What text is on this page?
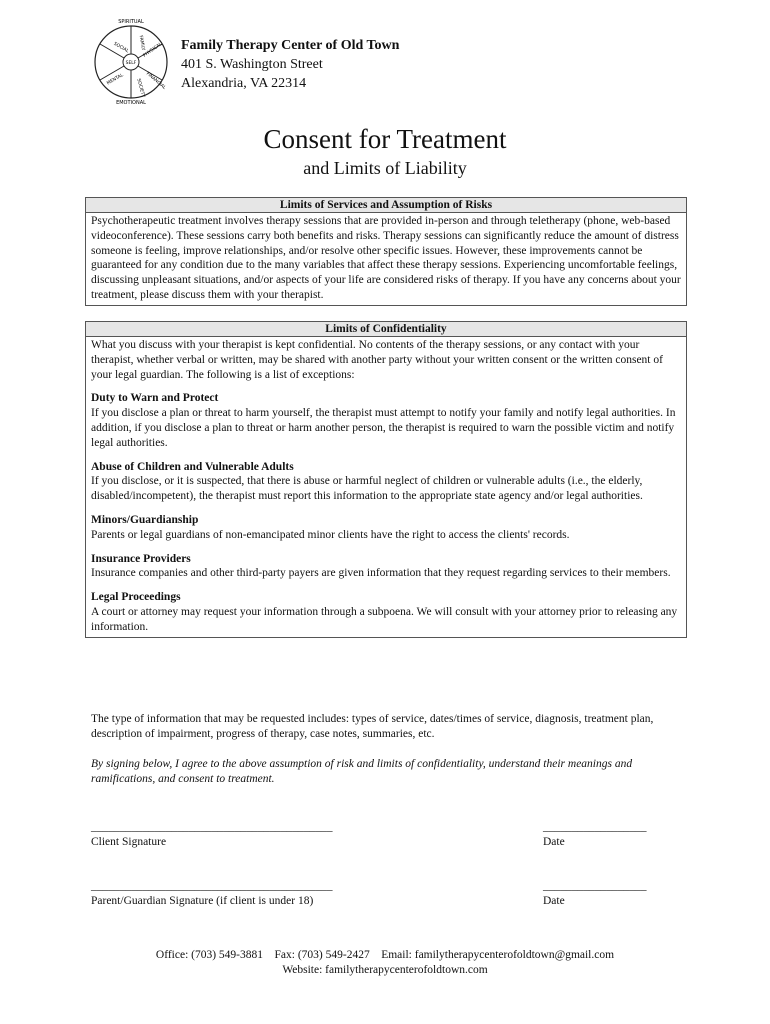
SPIRITUAL
FAMILY
PHYSICAL
SOCIAL
MENTAL
EMOTIONAL
FINANCIAL
SOCIETY
SELF
Family Therapy Center of Old Town
401 S. Washington Street
Alexandria, VA 22314
Consent for Treatment
and Limits of Liability
Limits of Services and Assumption of Risks

Psychotherapeutic treatment involves therapy sessions that are provided in-person and through teletherapy (phone, web-based videoconference). These sessions carry both benefits and risks. Therapy sessions can significantly reduce the amount of distress someone is feeling, improve relationships, and/or resolve other specific issues. However, these improvements cannot be guaranteed for any condition due to the many variables that affect these therapy sessions. Experiencing uncomfortable feelings, discussing unpleasant situations, and/or aspects of your life are considered risks of therapy. If you have any concerns about your treatment, please discuss them with your therapist.

Limits of Confidentiality

What you discuss with your therapist is kept confidential. No contents of the therapy sessions, or any contact with your therapist, whether verbal or written, may be shared with another party without your written consent or the written consent of your legal guardian. The following is a list of exceptions:

Duty to Warn and Protect

If you disclose a plan or threat to harm yourself, the therapist must attempt to notify your family and notify legal authorities. In addition, if you disclose a plan to threat or harm another person, the therapist is required to warn the possible victim and notify legal authorities.

Abuse of Children and Vulnerable Adults

If you disclose, or it is suspected, that there is abuse or harmful neglect of children or vulnerable adults (i.e., the elderly, disabled/incompetent), the therapist must report this information to the appropriate state agency and/or legal authorities.

Minors/Guardianship

Parents or legal guardians of non-emancipated minor clients have the right to access the clients' records.

Insurance Providers

Insurance companies and other third-party payers are given information that they request regarding services to their members.

Legal Proceedings

A court or attorney may request your information through a subpoena. We will consult with your attorney prior to releasing any information.

The type of information that may be requested includes: types of service, dates/times of service, diagnosis, treatment plan, description of impairment, progress of therapy, case notes, summaries, etc.

By signing below, I agree to the above assumption of risk and limits of confidentiality, understand their meanings and ramifications, and consent to treatment.

__________________________________________
Client Signature
__________________
Date
__________________________________________
Parent/Guardian Signature (if client is under 18)
__________________
Date
Office: (703) 549-3881    Fax: (703) 549-2427    Email: familytherapycenterofoldtown@gmail.com
Website: familytherapycenterofoldtown.com
